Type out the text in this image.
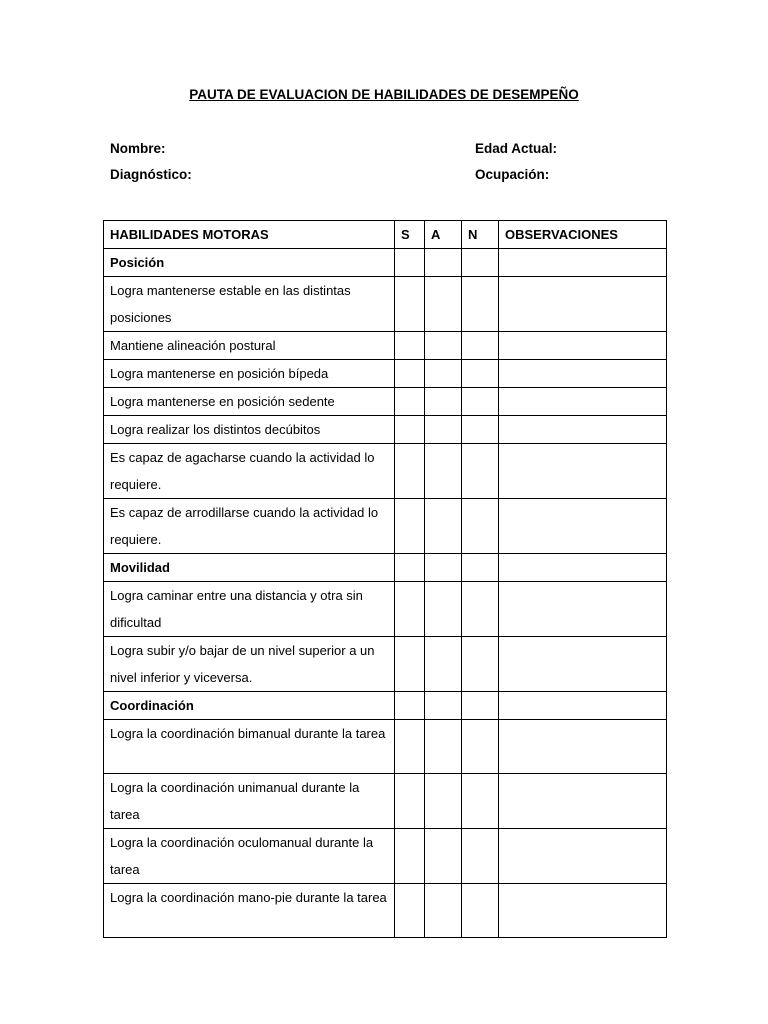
PAUTA DE EVALUACION DE HABILIDADES DE DESEMPEÑO
Nombre:	Edad Actual:
Diagnóstico:	Ocupación:
HABILIDADES MOTORAS	S	A	N	OBSERVACIONES
Posición				
Logra mantenerse estable en las distintas posiciones				
Mantiene alineación postural				
Logra mantenerse en posición bípeda				
Logra mantenerse en posición sedente				
Logra realizar los distintos decúbitos				
Es capaz de agacharse cuando la actividad lo requiere.				
Es capaz de arrodillarse cuando la actividad lo requiere.				
Movilidad				
Logra caminar entre una distancia y otra sin dificultad				
Logra subir y/o bajar de un nivel superior a un nivel inferior y viceversa.				
Coordinación				
Logra la coordinación bimanual durante la tarea				
Logra la coordinación unimanual durante la tarea				
Logra la coordinación oculomanual durante la tarea				
Logra la coordinación mano-pie durante la tarea				
